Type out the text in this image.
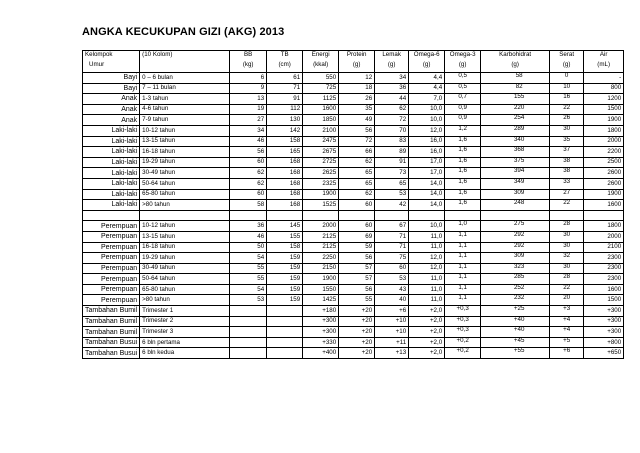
ANGKA KECUKUPAN GIZI (AKG) 2013
Kelompok	(10 Kolom)	BB	TB	Energi	Protein	Lemak	Omega-6	Omega-3	Karbohidrat	Serat	Air
Umur		(kg)	(cm)	(kkal)	(g)	(g)	(g)	(g)	(g)	(g)	(mL)
Bayi	0 – 6 bulan	6	61	550	12	34	4,4	0,5	58	0	-
Bayi	7 – 11 bulan	9	71	725	18	36	4,4	0,5	82	10	800
Anak	1-3 tahun	13	91	1125	26	44	7,0	0,7	155	16	1200
Anak	4-6 tahun	19	112	1600	35	62	10,0	0,9	220	22	1500
Anak	7-9 tahun	27	130	1850	49	72	10,0	0,9	254	26	1900
Laki-laki	10-12 tahun	34	142	2100	56	70	12,0	1,2	289	30	1800
Laki-laki	13-15 tahun	46	158	2475	72	83	16,0	1,6	340	35	2000
Laki-laki	16-18 tahun	56	165	2675	66	89	16,0	1,6	368	37	2200
Laki-laki	19-29 tahun	60	168	2725	62	91	17,0	1,6	375	38	2500
Laki-laki	30-49 tahun	62	168	2625	65	73	17,0	1,6	394	38	2600
Laki-laki	50-64 tahun	62	168	2325	65	65	14,0	1,6	349	33	2600
Laki-laki	65-80 tahun	60	168	1900	62	53	14,0	1,6	309	27	1900
Laki-laki	>80 tahun	58	168	1525	60	42	14,0	1,6	248	22	1600

Perempuan	10-12 tahun	36	145	2000	60	67	10,0	1,0	275	28	1800
Perempuan	13-15 tahun	46	155	2125	69	71	11,0	1,1	292	30	2000
Perempuan	16-18 tahun	50	158	2125	59	71	11,0	1,1	292	30	2100
Perempuan	19-29 tahun	54	159	2250	56	75	12,0	1,1	309	32	2300
Perempuan	30-49 tahun	55	159	2150	57	60	12,0	1,1	323	30	2300
Perempuan	50-64 tahun	55	159	1900	57	53	11,0	1,1	285	28	2300
Perempuan	65-80 tahun	54	159	1550	56	43	11,0	1,1	252	22	1600
Perempuan	>80 tahun	53	159	1425	55	40	11,0	1,1	232	20	1500
Tambahan Bumil	Trimester 1			+180	+20	+6	+2,0	+0,3	+25	+3	+300
Tambahan Bumil	Trimester 2			+300	+20	+10	+2,0	+0,3	+40	+4	+300
Tambahan Bumil	Trimester 3			+300	+20	+10	+2,0	+0,3	+40	+4	+300
Tambahan Busui	6 bln pertama			+330	+20	+11	+2,0	+0,2	+45	+5	+800
Tambahan Busui	6 bln kedua			+400	+20	+13	+2,0	+0,2	+55	+6	+650
